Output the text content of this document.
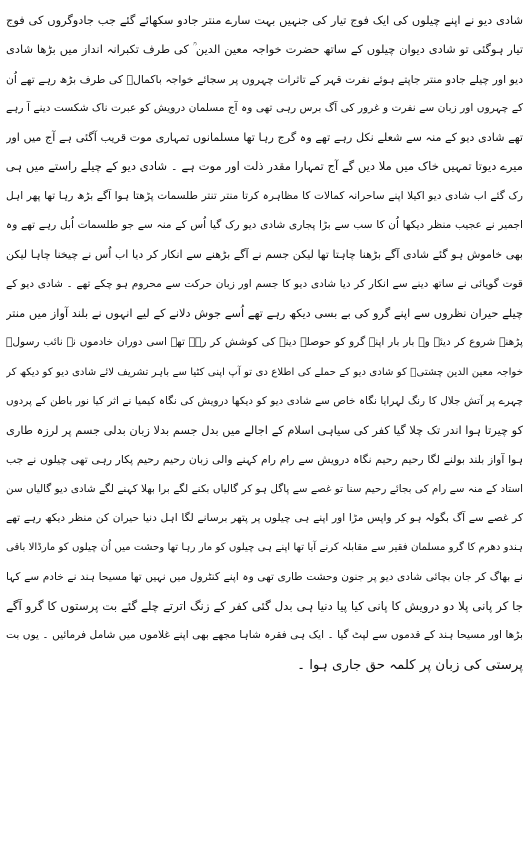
شادی دیو نے اپنے چیلوں کی ایک فوج تیار کی جنہیں بہت سارے منتر جادو سکھائے گئے جب جادوگروں کی فوج
تیار ہوگئی تو شادی دیوان چیلوں کے ساتھ حضرت خواجہ معین الدین ؒ کی طرف تکبرانہ انداز میں بڑھا شادی
دیو اور چیلے جادو منتر جاپتے ہوئے نفرت قہر کے تاثرات چہروں پر سجائے خواجہ باکمالؒ کی طرف بڑھ رہے تھے اُن
کے چہروں اور زبان سے نفرت و غرور کی آگ برس رہی تھی وہ آج مسلمان درویش کو عبرت ناک شکست دینے آ رہے
تھے شادی دیو کے منہ سے شعلے نکل رہے تھے وہ گرج رہا تھا مسلمانوں تمہاری موت قریب آگئی ہے آج میں اور
میرے دیوتا تمہیں خاک میں ملا دیں گے آج تمہارا مقدر ذلت اور موت ہے ۔ شادی دیو کے چیلے راستے میں ہی
رک گئے اب شادی دیو اکیلا اپنے ساحرانہ کمالات کا مظاہرہ کرتا منتر تنتر طلسمات پڑھتا ہوا آگے بڑھ رہا تھا پھر اہل
اجمیر نے عجیب منظر دیکھا اُن کا سب سے بڑا پجاری شادی دیو رک گیا اُس کے منہ سے جو طلسمات اُبل رہے تھے وہ
بھی خاموش ہو گئے شادی آگے بڑھنا چاہتا تھا لیکن جسم نے آگے بڑھنے سے انکار کر دیا اب اُس نے چیخنا چاہا لیکن
قوت گویائی نے ساتھ دینے سے انکار کر دیا شادی دیو کا جسم اور زبان حرکت سے محروم ہو چکے تھے ۔ شادی دیو کے
چیلے حیران نظروں سے اپنے گرو کی بے بسی دیکھ رہے تھے اُسے جوش دلانے کے لیے انہوں نے بلند آواز میں منتر
پڑھنے شروع کر دیئے وہ بار بار اپنے گرو کو حوصلہ دینے کی کوشش کر رہے تھے اسی دوران خادموں نے نائب رسولؐ
خواجہ معین الدین چشتیؒ کو شادی دیو کے حملے کی اطلاع دی تو آپ اپنی کٹیا سے باہر تشریف لائے شادی دیو کو دیکھ کر
چہرے پر آتش جلال کا رنگ لہرایا نگاہ خاص سے شادی دیو کو دیکھا درویش کی نگاہ کیمیا نے اثر کیا نور باطن کے پردوں
کو چیرتا ہوا اندر تک چلا گیا کفر کی سیاہی اسلام کے اجالے میں بدل جسم بدلا زبان بدلی جسم پر لرزہ طاری
ہوا آواز بلند بولنے لگا رحیم رحیم نگاہ درویش سے رام رام کہنے والی زبان رحیم رحیم پکار رہی تھی چیلوں نے جب
استاد کے منہ سے رام کی بجائے رحیم سنا تو غصے سے پاگل ہو کر گالیاں بکنے لگے برا بھلا کہنے لگے شادی دیو گالیاں سن
کر غصے سے آگ بگولہ ہو کر واپس مڑا اور اپنے ہی چیلوں پر پتھر برسانے لگا اہل دنیا حیران کن منظر دیکھ رہے تھے
ہندو دھرم کا گرو مسلمان فقیر سے مقابلہ کرنے آیا تھا اپنے ہی چیلوں کو مار رہا تھا وحشت میں اُن چیلوں کو مارڈالا باقی
نے بھاگ کر جان بچائی شادی دیو پر جنون وحشت طاری تھی وہ اپنے کنٹرول میں نہیں تھا مسیحا ہند نے خادم سے کہا
جا کر پانی پلا دو درویش کا پانی کیا پیا دنیا ہی بدل گئی کفر کے زنگ اترتے چلے گئے بت پرستوں کا گرو آگے
بڑھا اور مسیحا ہند کے قدموں سے لپٹ گیا ۔ ایک ہی فقرہ شاہا مجھے بھی اپنے غلاموں میں شامل فرمائیں ۔ یوں بت
پرستی کی زبان پر کلمہ حق جاری ہوا ۔
